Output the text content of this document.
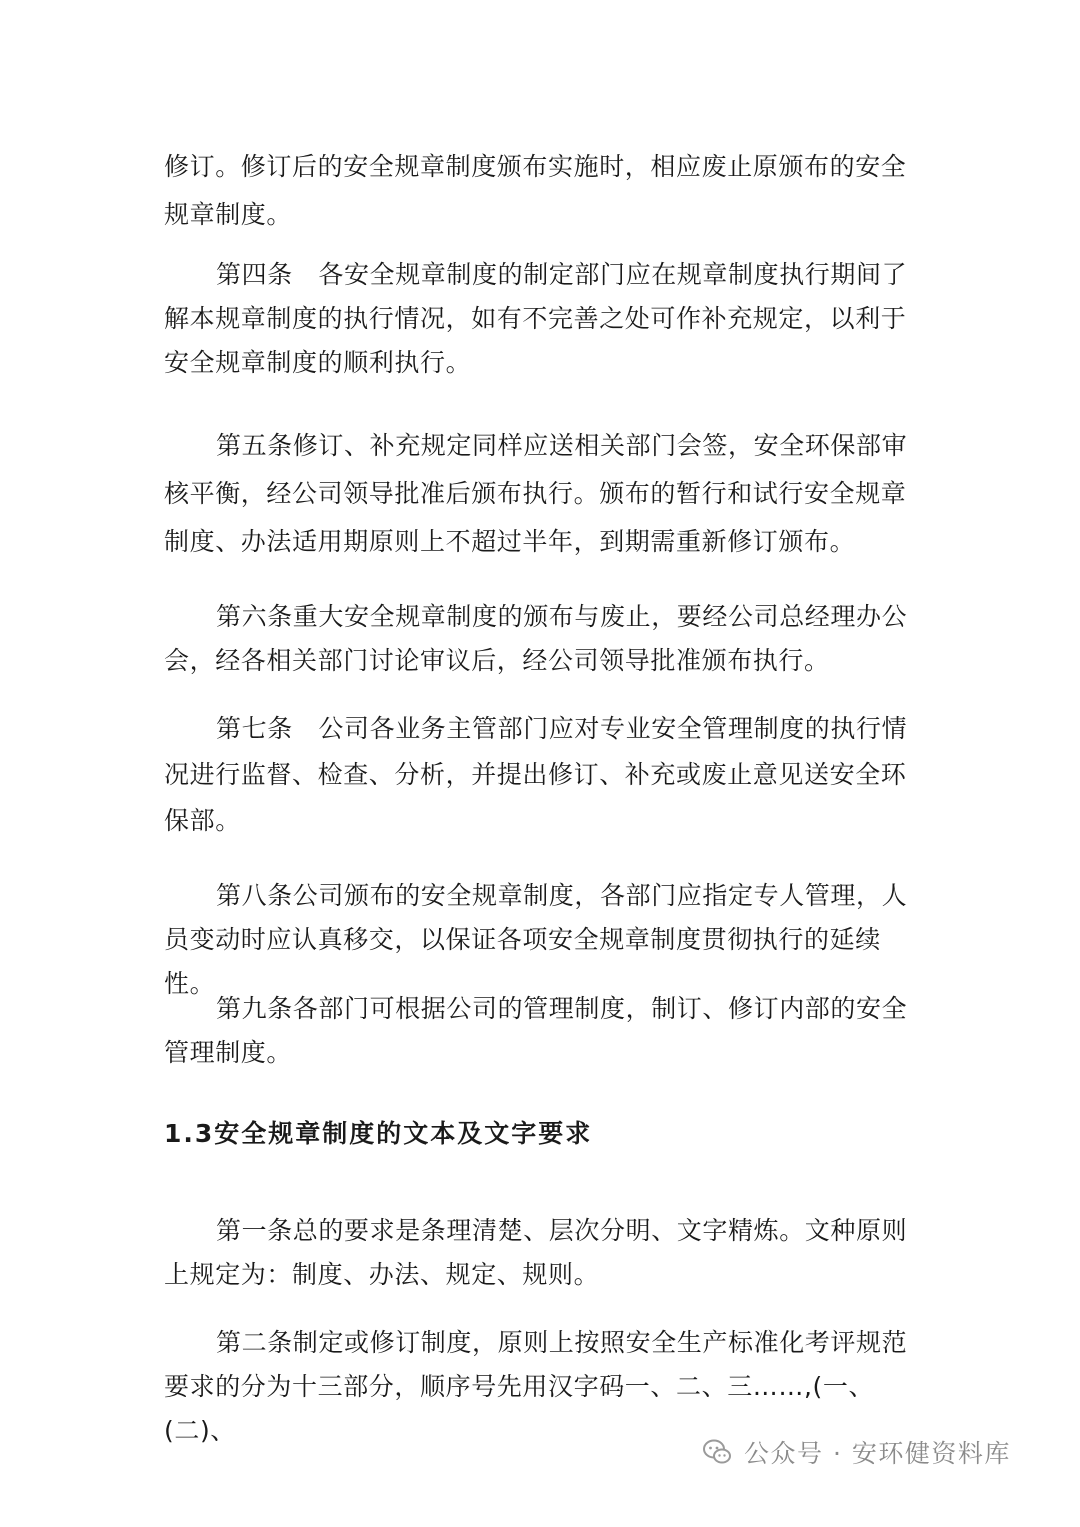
修订。修订后的安全规章制度颁布实施时，相应废止原颁布的安全规章制度。

第四条　各安全规章制度的制定部门应在规章制度执行期间了解本规章制度的执行情况，如有不完善之处可作补充规定，以利于安全规章制度的顺利执行。

第五条修订、补充规定同样应送相关部门会签，安全环保部审核平衡，经公司领导批准后颁布执行。颁布的暂行和试行安全规章制度、办法适用期原则上不超过半年，到期需重新修订颁布。

第六条重大安全规章制度的颁布与废止，要经公司总经理办公会，经各相关部门讨论审议后，经公司领导批准颁布执行。

第七条　公司各业务主管部门应对专业安全管理制度的执行情况进行监督、检查、分析，并提出修订、补充或废止意见送安全环保部。

第八条公司颁布的安全规章制度，各部门应指定专人管理，人员变动时应认真移交，以保证各项安全规章制度贯彻执行的延续性。

第九条各部门可根据公司的管理制度，制订、修订内部的安全管理制度。

1.3安全规章制度的文本及文字要求

第一条总的要求是条理清楚、层次分明、文字精炼。文种原则上规定为：制度、办法、规定、规则。

第二条制定或修订制度，原则上按照安全生产标准化考评规范要求的分为十三部分，顺序号先用汉字码一、二、三……,(一、(二)、

公众号 · 安环健资料库
